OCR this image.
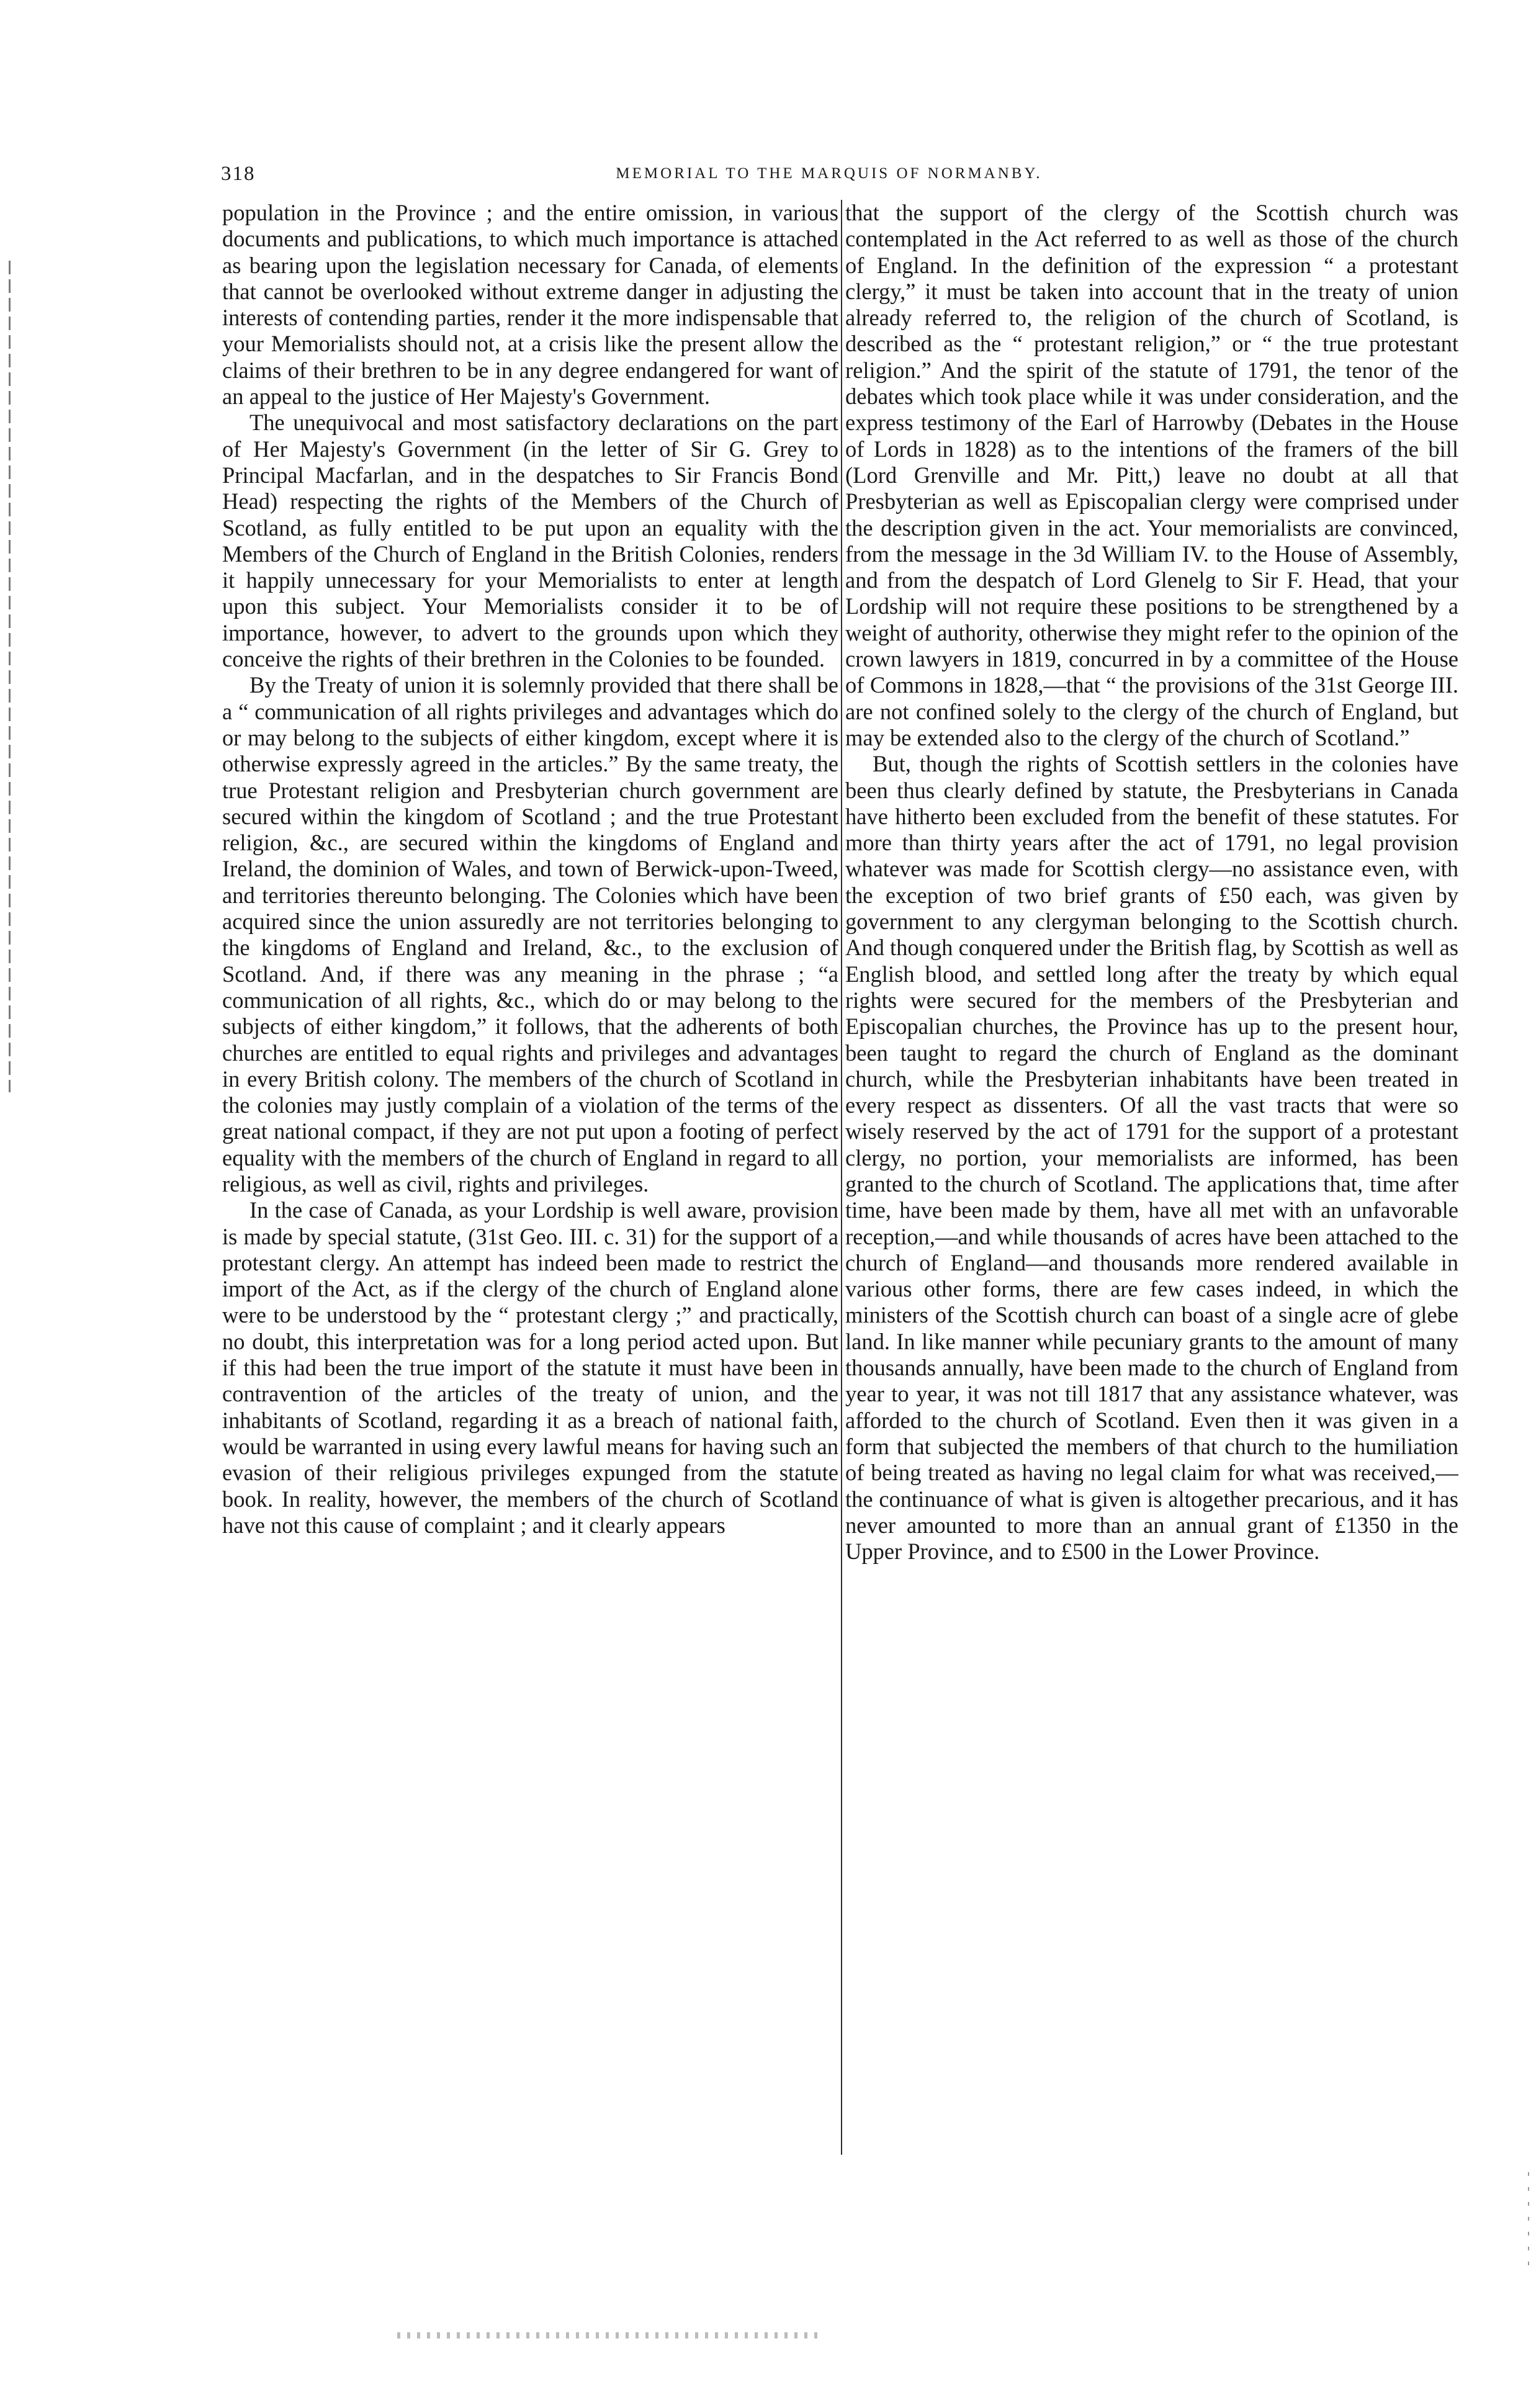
318	MEMORIAL TO THE MARQUIS OF NORMANBY.

population in the Province ; and the entire omission, in various documents and publications, to which much importance is attached as bearing upon the legislation necessary for Canada, of elements that cannot be overlooked without extreme danger in adjusting the interests of contending parties, render it the more indispensable that your Memorialists should not, at a crisis like the present allow the claims of their brethren to be in any degree endangered for want of an appeal to the justice of Her Majesty's Government.

The unequivocal and most satisfactory declarations on the part of Her Majesty's Government (in the letter of Sir G. Grey to Principal Macfarlan, and in the despatches to Sir Francis Bond Head) respecting the rights of the Members of the Church of Scotland, as fully entitled to be put upon an equality with the Members of the Church of England in the British Colonies, renders it happily unnecessary for your Memorialists to enter at length upon this subject. Your Memorialists consider it to be of importance, however, to advert to the grounds upon which they conceive the rights of their brethren in the Colonies to be founded.

By the Treaty of union it is solemnly provided that there shall be a “ communication of all rights privileges and advantages which do or may belong to the subjects of either kingdom, except where it is otherwise expressly agreed in the articles.” By the same treaty, the true Protestant religion and Presbyterian church government are secured within the kingdom of Scotland ; and the true Protestant religion, &c., are secured within the kingdoms of England and Ireland, the dominion of Wales, and town of Berwick-upon-Tweed, and territories thereunto belonging. The Colonies which have been acquired since the union assuredly are not territories belonging to the kingdoms of England and Ireland, &c., to the exclusion of Scotland. And, if there was any meaning in the phrase ; “a communication of all rights, &c., which do or may belong to the subjects of either kingdom,” it follows, that the adherents of both churches are entitled to equal rights and privileges and advantages in every British colony. The members of the church of Scotland in the colonies may justly complain of a violation of the terms of the great national compact, if they are not put upon a footing of perfect equality with the members of the church of England in regard to all religious, as well as civil, rights and privileges.

In the case of Canada, as your Lordship is well aware, provision is made by special statute, (31st Geo. III. c. 31) for the support of a protestant clergy. An attempt has indeed been made to restrict the import of the Act, as if the clergy of the church of England alone were to be understood by the “ protestant clergy ;” and practically, no doubt, this interpretation was for a long period acted upon. But if this had been the true import of the statute it must have been in contravention of the articles of the treaty of union, and the inhabitants of Scotland, regarding it as a breach of national faith, would be warranted in using every lawful means for having such an evasion of their religious privileges expunged from the statute book. In reality, however, the members of the church of Scotland have not this cause of complaint ; and it clearly appears

that the support of the clergy of the Scottish church was contemplated in the Act referred to as well as those of the church of England. In the definition of the expression “ a protestant clergy,” it must be taken into account that in the treaty of union already referred to, the religion of the church of Scotland, is described as the “ protestant religion,” or “ the true protestant religion.” And the spirit of the statute of 1791, the tenor of the debates which took place while it was under consideration, and the express testimony of the Earl of Harrowby (Debates in the House of Lords in 1828) as to the intentions of the framers of the bill (Lord Grenville and Mr. Pitt,) leave no doubt at all that Presbyterian as well as Episcopalian clergy were comprised under the description given in the act. Your memorialists are convinced, from the message in the 3d William IV. to the House of Assembly, and from the despatch of Lord Glenelg to Sir F. Head, that your Lordship will not require these positions to be strengthened by a weight of authority, otherwise they might refer to the opinion of the crown lawyers in 1819, concurred in by a committee of the House of Commons in 1828,—that “ the provisions of the 31st George III. are not confined solely to the clergy of the church of England, but may be extended also to the clergy of the church of Scotland.”

But, though the rights of Scottish settlers in the colonies have been thus clearly defined by statute, the Presbyterians in Canada have hitherto been excluded from the benefit of these statutes. For more than thirty years after the act of 1791, no legal provision whatever was made for Scottish clergy—no assistance even, with the exception of two brief grants of £50 each, was given by government to any clergyman belonging to the Scottish church. And though conquered under the British flag, by Scottish as well as English blood, and settled long after the treaty by which equal rights were secured for the members of the Presbyterian and Episcopalian churches, the Province has up to the present hour, been taught to regard the church of England as the dominant church, while the Presbyterian inhabitants have been treated in every respect as dissenters. Of all the vast tracts that were so wisely reserved by the act of 1791 for the support of a protestant clergy, no portion, your memorialists are informed, has been granted to the church of Scotland. The applications that, time after time, have been made by them, have all met with an unfavorable reception,—and while thousands of acres have been attached to the church of England—and thousands more rendered available in various other forms, there are few cases indeed, in which the ministers of the Scottish church can boast of a single acre of glebe land. In like manner while pecuniary grants to the amount of many thousands annually, have been made to the church of England from year to year, it was not till 1817 that any assistance whatever, was afforded to the church of Scotland. Even then it was given in a form that subjected the members of that church to the humiliation of being treated as having no legal claim for what was received,—the continuance of what is given is altogether precarious, and it has never amounted to more than an annual grant of £1350 in the Upper Province, and to £500 in the Lower Province.
